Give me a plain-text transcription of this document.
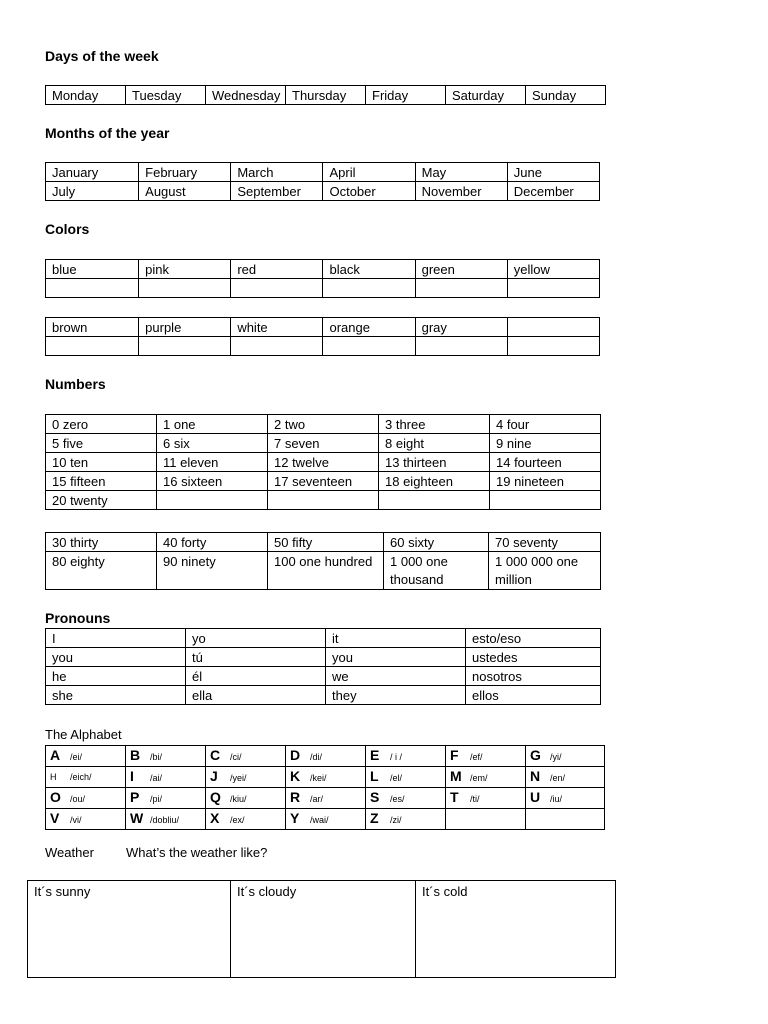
Days of the week
Monday	Tuesday	Wednesday	Thursday	Friday	Saturday	Sunday
Months of the year
January	February	March	April	May	June
July	August	September	October	November	December
Colors
blue	pink	red	black	green	yellow

brown	purple	white	orange	gray	

Numbers
0 zero	1 one	2 two	3 three	4 four
5 five	6 six	7 seven	8 eight	9 nine
10 ten	11 eleven	12 twelve	13 thirteen	14 fourteen
15 fifteen	16 sixteen	17 seventeen	18 eighteen	19 nineteen
20 twenty				
30 thirty	40 forty	50 fifty	60 sixty	70 seventy
80 eighty	90 ninety	100 one hundred	1 000 one thousand	1 000 000 one million
Pronouns
I	yo	it	esto/eso
you	tú	you	ustedes
he	él	we	nosotros
she	ella	they	ellos
The Alphabet
A /ei/	B /bi/	C /ci/	D /di/	E / i /	F /ef/	G /yi/
H /eich/	I /ai/	J /yei/	K /kei/	L /el/	M /em/	N /en/
O /ou/	P /pi/	Q /kiu/	R /ar/	S /es/	T /ti/	U /iu/
V /vi/	W /dobliu/	X /ex/	Y /wai/	Z /zi/		
Weather What’s the weather like?
It´s sunny	It´s cloudy	It´s cold
